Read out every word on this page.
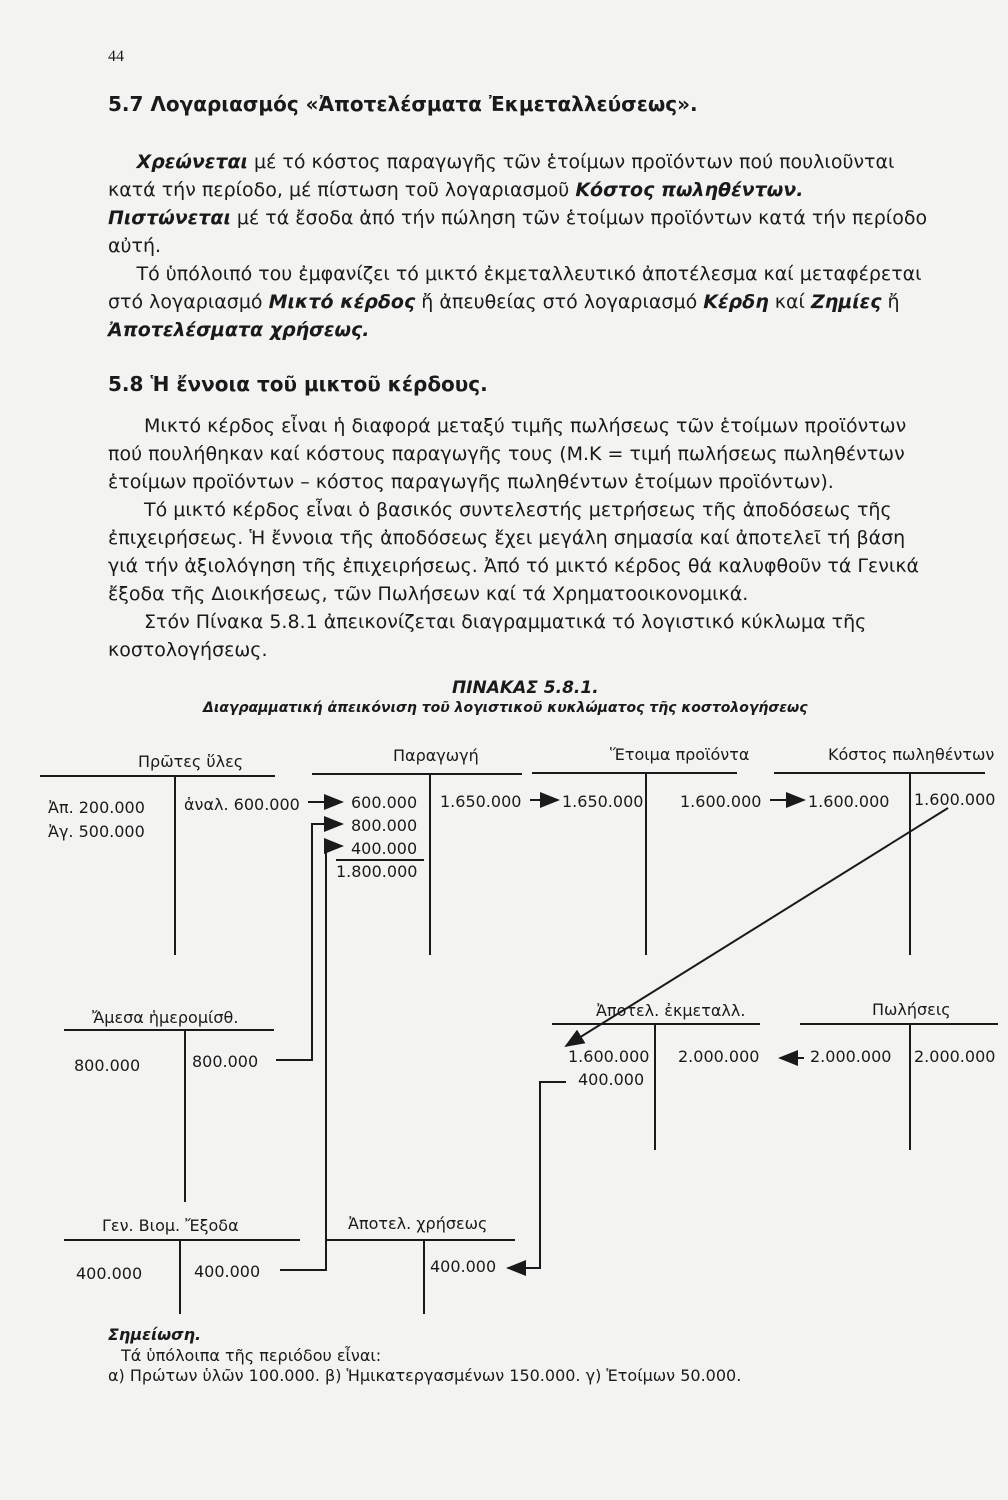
44
5.7 Λογαριασμός «Ἀποτελέσματα Ἐκμεταλλεύσεως».
  Χρεώνεται μέ τό κόστος παραγωγῆς τῶν ἑτοίμων προϊόντων πού πουλιοῦνται κατά τήν περίοδο, μέ πίστωση τοῦ λογαριασμοῦ Κόστος πωληθέντων.
Πιστώνεται μέ τά ἔσοδα ἀπό τήν πώληση τῶν ἑτοίμων προϊόντων κατά τήν περίοδο αὐτή.
  Τό ὑπόλοιπό του ἐμφανίζει τό μικτό ἐκμεταλλευτικό ἀποτέλεσμα καί μεταφέρεται στό λογαριασμό Μικτό κέρδος ἤ ἀπευθείας στό λογαριασμό Κέρδη καί Ζημίες ἤ Ἀποτελέσματα χρήσεως.
5.8 Ἡ ἔννοια τοῦ μικτοῦ κέρδους.
Μικτό κέρδος εἶναι ἡ διαφορά μεταξύ τιμῆς πωλήσεως τῶν ἑτοίμων προϊόντων πού πουλήθηκαν καί κόστους παραγωγῆς τους (Μ.Κ = τιμή πωλήσεως πωληθέντων ἑτοίμων προϊόντων – κόστος παραγωγῆς πωληθέντων ἑτοίμων προϊόντων).
Τό μικτό κέρδος εἶναι ὁ βασικός συντελεστής μετρήσεως τῆς ἀποδόσεως τῆς ἐπιχειρήσεως. Ἡ ἔννοια τῆς ἀποδόσεως ἔχει μεγάλη σημασία καί ἀποτελεῖ τή βάση γιά τήν ἀξιολόγηση τῆς ἐπιχειρήσεως. Ἀπό τό μικτό κέρδος θά καλυφθοῦν τά Γενικά ἔξοδα τῆς Διοικήσεως, τῶν Πωλήσεων καί τά Χρηματοοικονομικά.
Στόν Πίνακα 5.8.1 ἀπεικονίζεται διαγραμματικά τό λογιστικό κύκλωμα τῆς κοστολογήσεως.
ΠΙΝΑΚΑΣ 5.8.1.
Διαγραμματική ἀπεικόνιση τοῦ λογιστικοῦ κυκλώματος τῆς κοστολογήσεως
Πρῶτες ὕλες
Ἀπ. 200.000
Ἀγ. 500.000
ἀναλ. 600.000
Παραγωγή
600.000
800.000
400.000
1.800.000
1.650.000
Ἕτοιμα προϊόντα
1.650.000 1.600.000
Κόστος πωληθέντων
1.600.000 1.600.000
Ἄμεσα ἡμερομίσθ.
800.000	800.000
Ἀποτελ. ἐκμεταλλ.
1.600.000
400.000
2.000.000
Πωλήσεις
2.000.000 2.000.000
Γεν. Βιομ. Ἔξοδα
400.000	400.000
Ἀποτελ. χρήσεως
400.000
Σημείωση.
Τά ὑπόλοιπα τῆς περιόδου εἶναι:
α) Πρώτων ὑλῶν 100.000. β) Ἡμικατεργασμένων 150.000. γ) Ἑτοίμων 50.000.
